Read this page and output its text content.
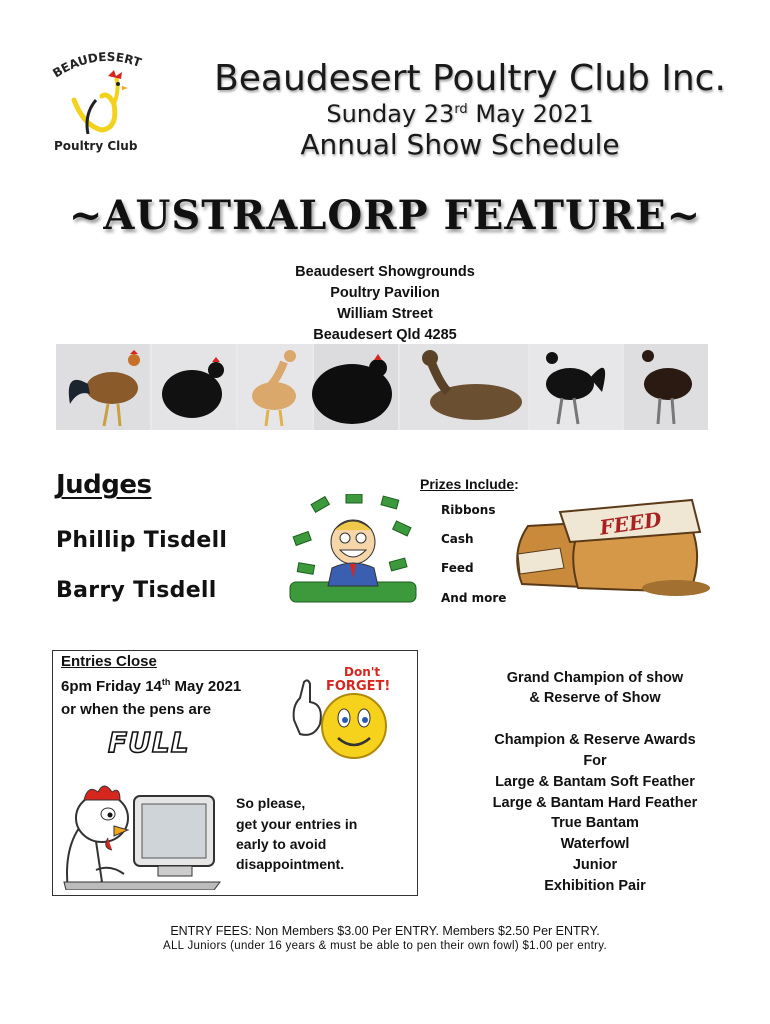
BEAUDESERT
Poultry Club
Beaudesert Poultry Club Inc.
Sunday 23rd May 2021
Annual Show Schedule
~AUSTRALORP FEATURE~
Beaudesert Showgrounds
Poultry Pavilion
William Street
Beaudesert Qld 4285
Judges
Phillip Tisdell
Barry Tisdell
Prizes Include:
Ribbons
Cash
Feed
And more
FEED
Entries Close
6pm Friday 14th May 2021
or when the pens are
FULL
Don't
FORGET!
So please,
get your entries in
early to avoid
disappointment.
Grand Champion of show
& Reserve of Show
Champion & Reserve Awards
For
Large & Bantam Soft Feather
Large & Bantam Hard Feather
True Bantam
Waterfowl
Junior
Exhibition Pair
ENTRY FEES: Non Members $3.00 Per ENTRY. Members $2.50 Per ENTRY.
ALL Juniors (under 16 years & must be able to pen their own fowl) $1.00 per entry.
